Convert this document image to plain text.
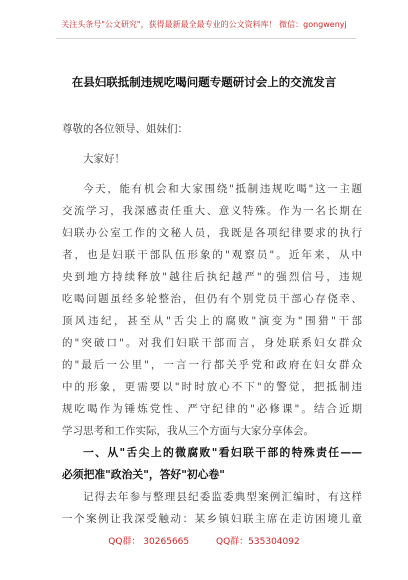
关注头条号"公文研究"，获得最新最全最专业的公文资料库！ 微信：gongwenyj
在县妇联抵制违规吃喝问题专题研讨会上的交流发言
尊敬的各位领导、姐妹们：
大家好！
今天，能有机会和大家围绕"抵制违规吃喝"这一主题
交流学习，我深感责任重大、意义特殊。作为一名长期在
妇联办公室工作的文秘人员，我既是各项纪律要求的执行
者，也是妇联干部队伍形象的"观察员"。近年来，从中
央到地方持续释放"越往后执纪越严"的强烈信号，违规
吃喝问题虽经多轮整治，但仍有个别党员干部心存侥幸、
顶风违纪，甚至从"舌尖上的腐败"演变为"围猎"干部
的"突破口"。对我们妇联干部而言，身处联系妇女群众
的"最后一公里"，一言一行都关乎党和政府在妇女群众
中的形象，更需要以"时时放心不下"的警觉，把抵制违
规吃喝作为锤炼党性、严守纪律的"必修课"。结合近期
学习思考和工作实际，我从三个方面与大家分享体会。
一、从"舌尖上的微腐败"看妇联干部的特殊责任——
必须把准"政治关"，答好"初心卷"
记得去年参与整理县纪委监委典型案例汇编时，有这样
一个案例让我深受触动：某乡镇妇联主席在走访困境儿童
QQ群： 30265665	QQ群：535304092
